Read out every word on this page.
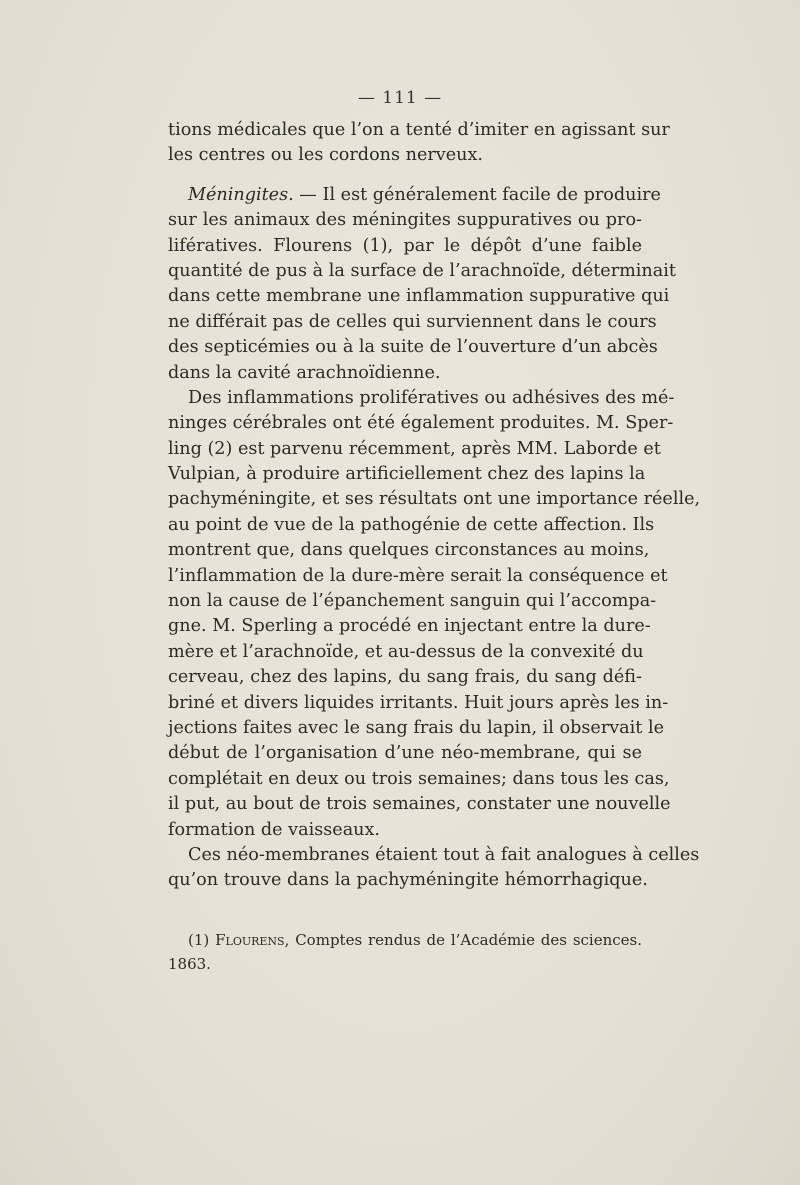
— 111 —
tions médicales que l’on a tenté d’imiter en agissant sur
les centres ou les cordons nerveux.
Méningites. — Il est généralement facile de produire
sur les animaux des méningites suppuratives ou pro-
lifératives. Flourens (1), par le dépôt d’une faible
quantité de pus à la surface de l’arachnoïde, déterminait
dans cette membrane une inflammation suppurative qui
ne différait pas de celles qui surviennent dans le cours
des septicémies ou à la suite de l’ouverture d’un abcès
dans la cavité arachnoïdienne.
Des inflammations prolifératives ou adhésives des mé-
ninges cérébrales ont été également produites. M. Sper-
ling (2) est parvenu récemment, après MM. Laborde et
Vulpian, à produire artificiellement chez des lapins la
pachyméningite, et ses résultats ont une importance réelle,
au point de vue de la pathogénie de cette affection. Ils
montrent que, dans quelques circonstances au moins,
l’inflammation de la dure-mère serait la conséquence et
non la cause de l’épanchement sanguin qui l’accompa-
gne. M. Sperling a procédé en injectant entre la dure-
mère et l’arachnoïde, et au-dessus de la convexité du
cerveau, chez des lapins, du sang frais, du sang défi-
briné et divers liquides irritants. Huit jours après les in-
jections faites avec le sang frais du lapin, il observait le
début de l’organisation d’une néo-membrane, qui se
complétait en deux ou trois semaines; dans tous les cas,
il put, au bout de trois semaines, constater une nouvelle
formation de vaisseaux.
Ces néo-membranes étaient tout à fait analogues à celles
qu’on trouve dans la pachyméningite hémorrhagique.
(1) Flourens, Comptes rendus de l’Académie des sciences.
1863.
